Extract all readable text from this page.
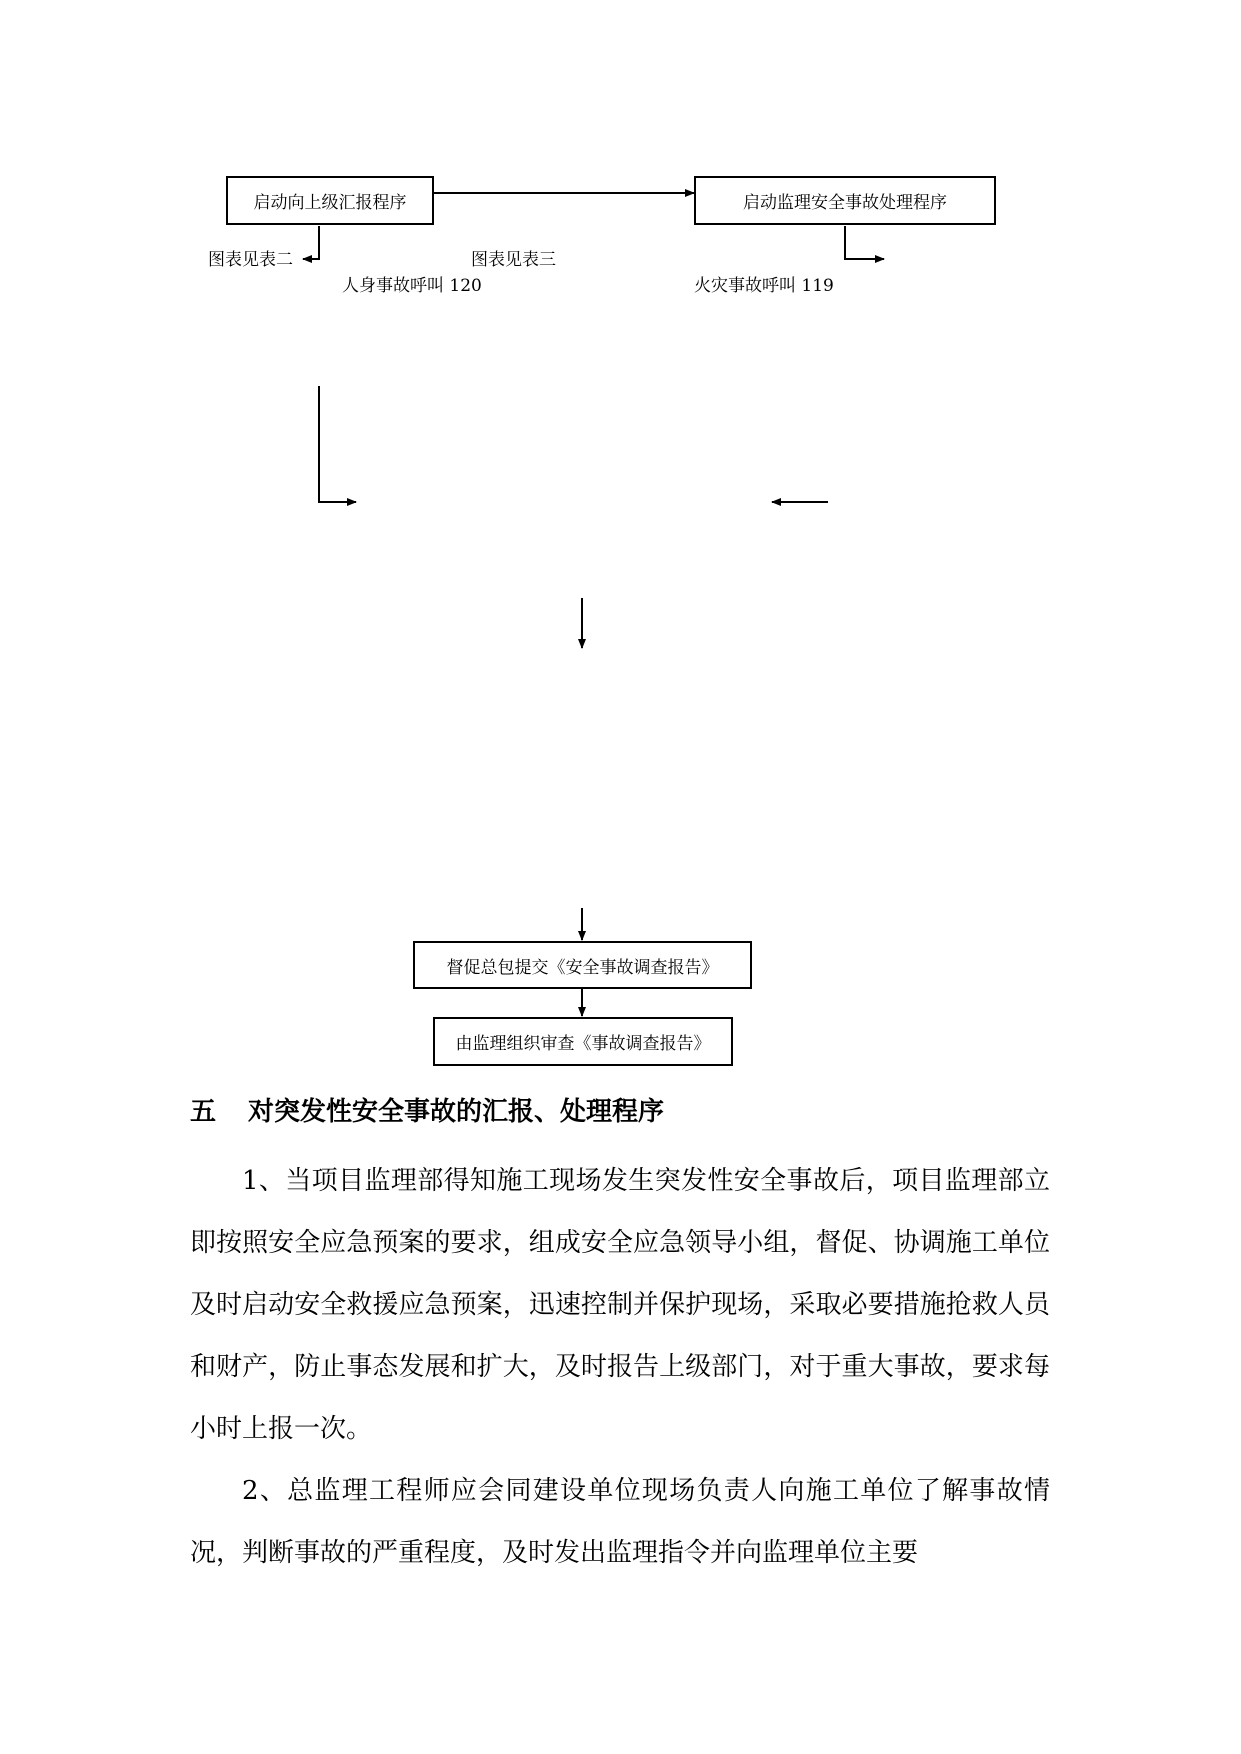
启动向上级汇报程序	启动监理安全事故处理程序
图表见表二	图表见表三
人身事故呼叫 120	火灾事故呼叫 119
督促总包提交《安全事故调查报告》
由监理组织审查《事故调查报告》
五 对突发性安全事故的汇报、处理程序
1、当项目监理部得知施工现场发生突发性安全事故后，项目监理部立即按照安全应急预案的要求，组成安全应急领导小组，督促、协调施工单位及时启动安全救援应急预案，迅速控制并保护现场，采取必要措施抢救人员和财产，防止事态发展和扩大，及时报告上级部门，对于重大事故，要求每小时上报一次。
2、总监理工程师应会同建设单位现场负责人向施工单位了解事故情况，判断事故的严重程度，及时发出监理指令并向监理单位主要
